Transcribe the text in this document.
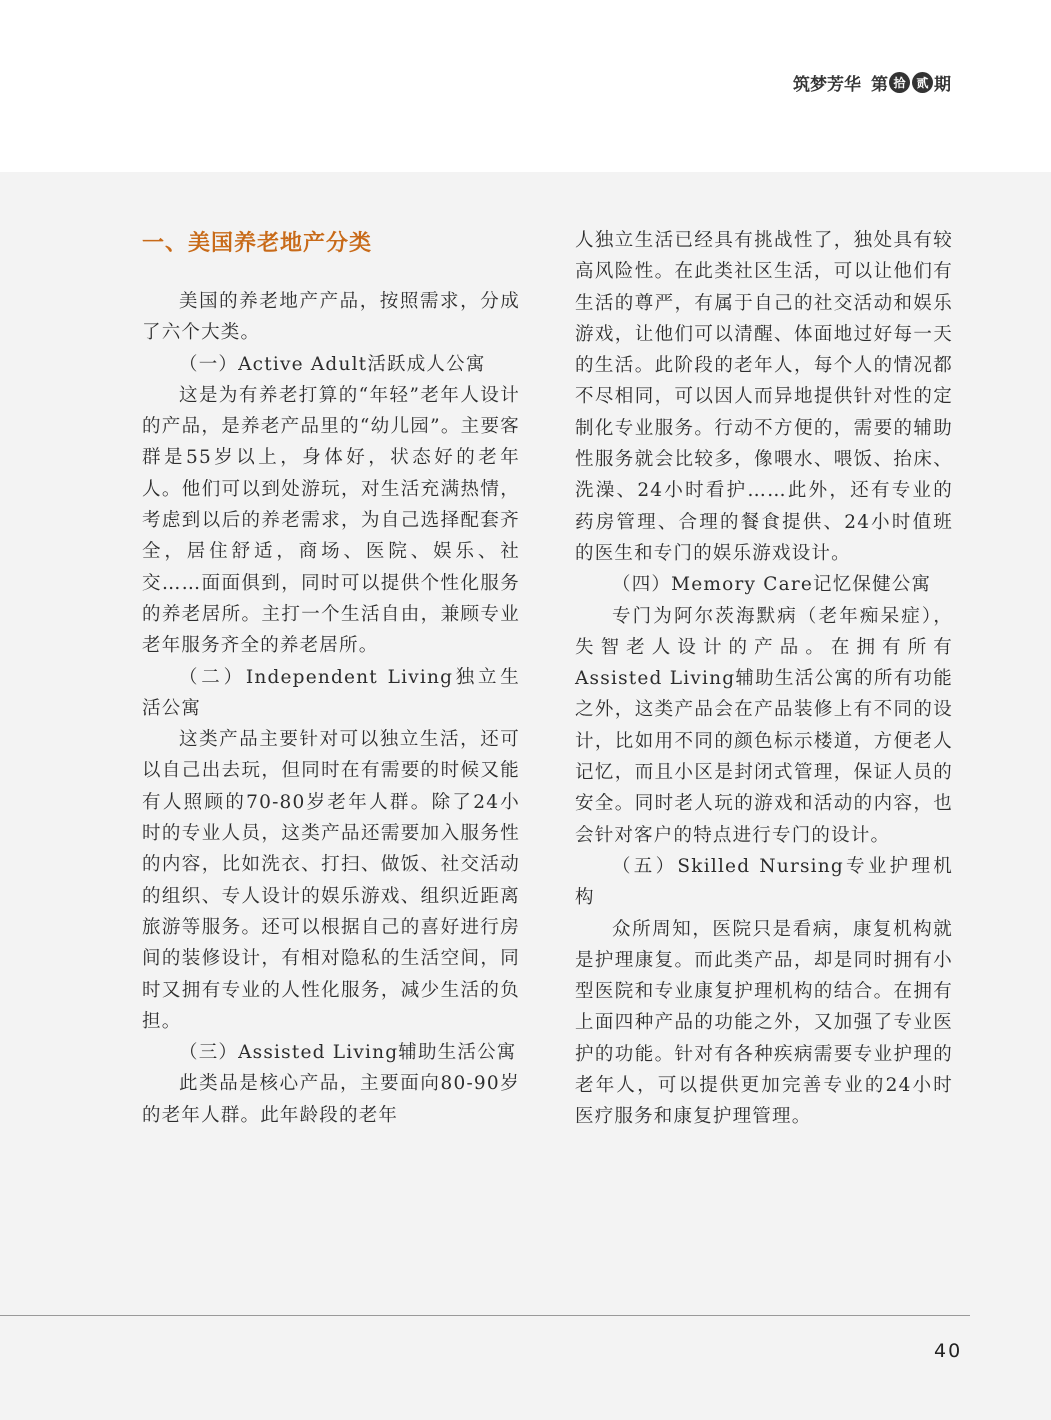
筑梦芳华 第 拾 贰 期
一、美国养老地产分类

美国的养老地产产品，按照需求，分成了六个大类。

（一）Active Adult活跃成人公寓

这是为有养老打算的“年轻”老年人设计的产品，是养老产品里的“幼儿园”。主要客群是55岁以上，身体好，状态好的老年人。他们可以到处游玩，对生活充满热情，考虑到以后的养老需求，为自己选择配套齐全，居住舒适，商场、医院、娱乐、社交……面面俱到，同时可以提供个性化服务的养老居所。主打一个生活自由，兼顾专业老年服务齐全的养老居所。

（二）Independent Living独立生活公寓

这类产品主要针对可以独立生活，还可以自己出去玩，但同时在有需要的时候又能有人照顾的70-80岁老年人群。除了24小时的专业人员，这类产品还需要加入服务性的内容，比如洗衣、打扫、做饭、社交活动的组织、专人设计的娱乐游戏、组织近距离旅游等服务。还可以根据自己的喜好进行房间的装修设计，有相对隐私的生活空间，同时又拥有专业的人性化服务，减少生活的负担。

（三）Assisted Living辅助生活公寓

此类品是核心产品，主要面向80-90岁的老年人群。此年龄段的老年

人独立生活已经具有挑战性了，独处具有较高风险性。在此类社区生活，可以让他们有生活的尊严，有属于自己的社交活动和娱乐游戏，让他们可以清醒、体面地过好每一天的生活。此阶段的老年人，每个人的情况都不尽相同，可以因人而异地提供针对性的定制化专业服务。行动不方便的，需要的辅助性服务就会比较多，像喂水、喂饭、抬床、洗澡、24小时看护……此外，还有专业的药房管理、合理的餐食提供、24小时值班的医生和专门的娱乐游戏设计。

（四）Memory Care记忆保健公寓

专门为阿尔茨海默病（老年痴呆症），失智老人设计的产品。在拥有所有Assisted Living辅助生活公寓的所有功能之外，这类产品会在产品装修上有不同的设计，比如用不同的颜色标示楼道，方便老人记忆，而且小区是封闭式管理，保证人员的安全。同时老人玩的游戏和活动的内容，也会针对客户的特点进行专门的设计。

（五）Skilled Nursing专业护理机构

众所周知，医院只是看病，康复机构就是护理康复。而此类产品，却是同时拥有小型医院和专业康复护理机构的结合。在拥有上面四种产品的功能之外，又加强了专业医护的功能。针对有各种疾病需要专业护理的老年人，可以提供更加完善专业的24小时医疗服务和康复护理管理。

40
